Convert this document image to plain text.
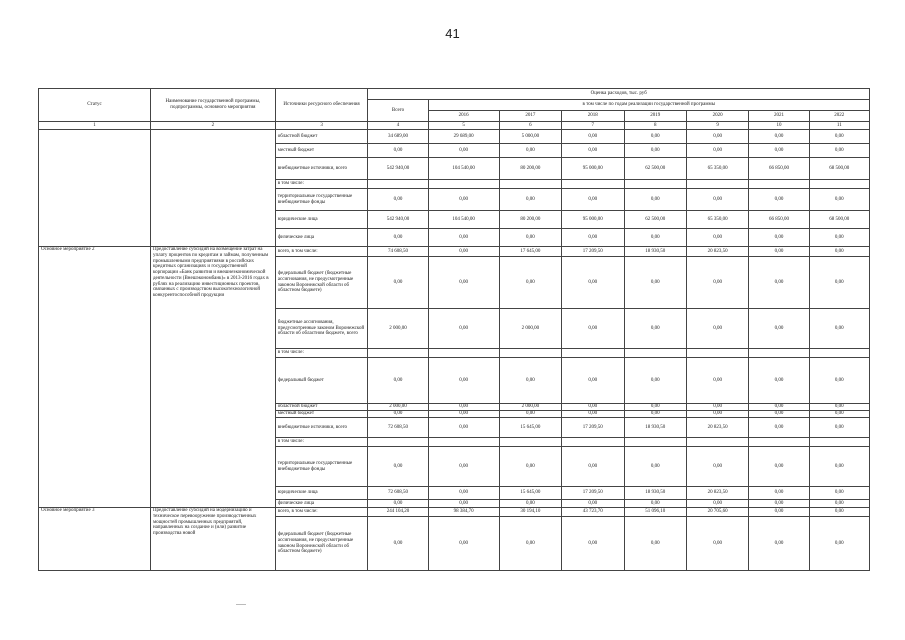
41
Статус	Наименование государственной программы, подпрограммы, основного мероприятия	Источники ресурсного обеспечения	Оценка расходов, тыс. руб							
			Всего	в том числе по годам реализации государственной программы						
				2016	2017	2018	2019	2020	2021	2022
1	2	3	4	5	6	7	8	9	10	11
		областной бюджет	34 689,00	29 689,00	5 000,00	0,00	0,00	0,00	0,00	0,00
		местный бюджет	0,00	0,00	0,00	0,00	0,00	0,00	0,00	0,00
		внебюджетные источники, всего	542 940,00	104 540,00	80 200,00	95 000,00	62 500,00	65 350,00	66 850,00	68 500,00
		в том числе:								
		территориальные государственные внебюджетные фонды	0,00	0,00	0,00	0,00	0,00	0,00	0,00	0,00
		юридические лица	542 940,00	104 540,00	80 200,00	95 000,00	62 500,00	65 350,00	66 850,00	68 500,00
		физические лица	0,00	0,00	0,00	0,00	0,00	0,00	0,00	0,00
Основное мероприятие 2	Предоставление субсидий на возмещение затрат на уплату процентов по кредитам и займам, полученным промышленными предприятиями в российских кредитных организациях и государственной корпорации «Банк развития и внешнеэкономической деятельности (Внешэкономбанк)» в 2013-2016 годах в рублях на реализацию инвестиционных проектов, связанных с производством высокотехнологичной конкурентоспособной продукции	всего, в том числе:	74 608,50	0,00	17 645,00	17 209,50	18 930,50	20 823,50	0,00	0,00
		федеральный бюджет (бюджетные ассигнования, не предусмотренные законом Воронежской области об областном бюджете)	0,00	0,00	0,00	0,00	0,00	0,00	0,00	0,00
		бюджетные ассигнования, предусмотренные законом Воронежской области об областном бюджете, всего	2 000,00	0,00	2 000,00	0,00	0,00	0,00	0,00	0,00
		в том числе:								
		федеральный бюджет	0,00	0,00	0,00	0,00	0,00	0,00	0,00	0,00
		областной бюджет	2 000,00	0,00	2 000,00	0,00	0,00	0,00	0,00	0,00
		местный бюджет	0,00	0,00	0,00	0,00	0,00	0,00	0,00	0,00
		внебюджетные источники, всего	72 608,50	0,00	15 645,00	17 209,50	18 930,50	20 823,50	0,00	0,00
		в том числе:								
		территориальные государственные внебюджетные фонды	0,00	0,00	0,00	0,00	0,00	0,00	0,00	0,00
		юридические лица	72 608,50	0,00	15 645,00	17 209,50	18 930,50	20 823,50	0,00	0,00
		физические лица	0,00	0,00	0,00	0,00	0,00	0,00	0,00	0,00
Основное мероприятие 3	Предоставление субсидий на модернизацию и техническое перевооружение производственных мощностей промышленных предприятий, направленных на создание и (или) развитие производства новой	всего, в том числе:	244 104,20	98 384,70	30 194,10	43 723,70	51 096,10	20 705,60	0,00	0,00
		федеральный бюджет (бюджетные ассигнования, не предусмотренные законом Воронежской области об областном бюджете)	0,00	0,00	0,00	0,00	0,00	0,00	0,00	0,00
